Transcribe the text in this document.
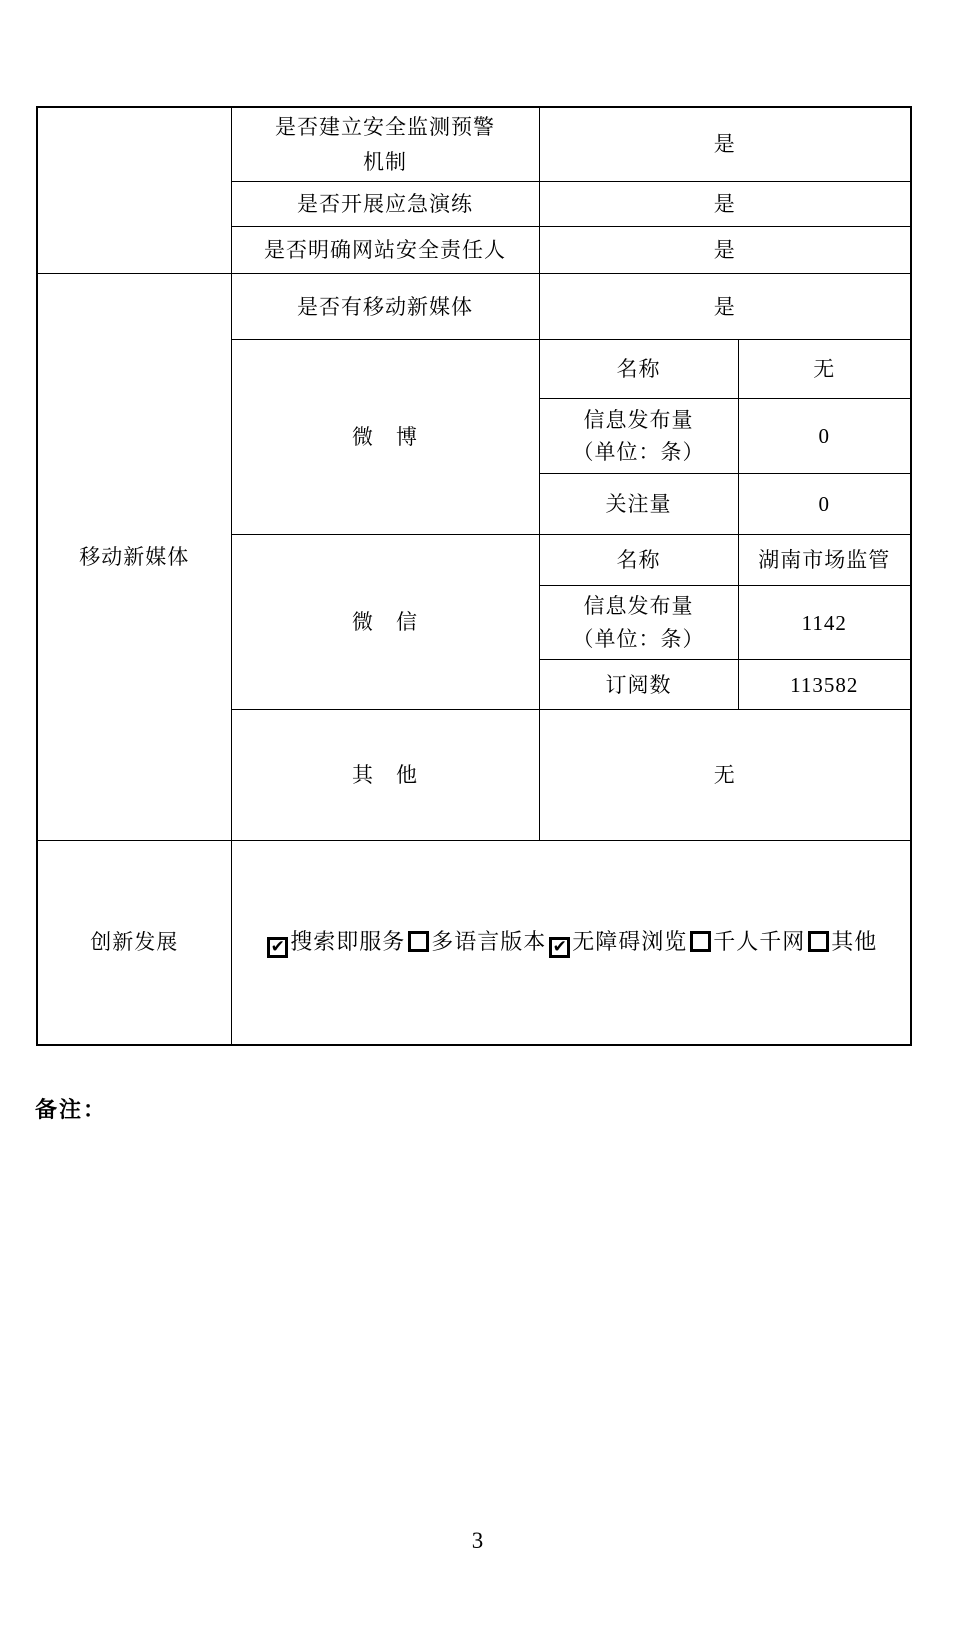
	是否建立安全监测预警机制	是	
	是否开展应急演练	是	
	是否明确网站安全责任人	是	
移动新媒体	是否有移动新媒体	是	
	微　博	名称	无

		信息发布量
（单位：条）	0
		关注量	0
	微　信	名称	湖南市场监管

		信息发布量
（单位：条）	1142
		订阅数	113582
	其　他	无	
创新发展	✔ 搜索即服务 多语言版本 ✔ 无障碍浏览 千人千网 其他		
备注：
3
